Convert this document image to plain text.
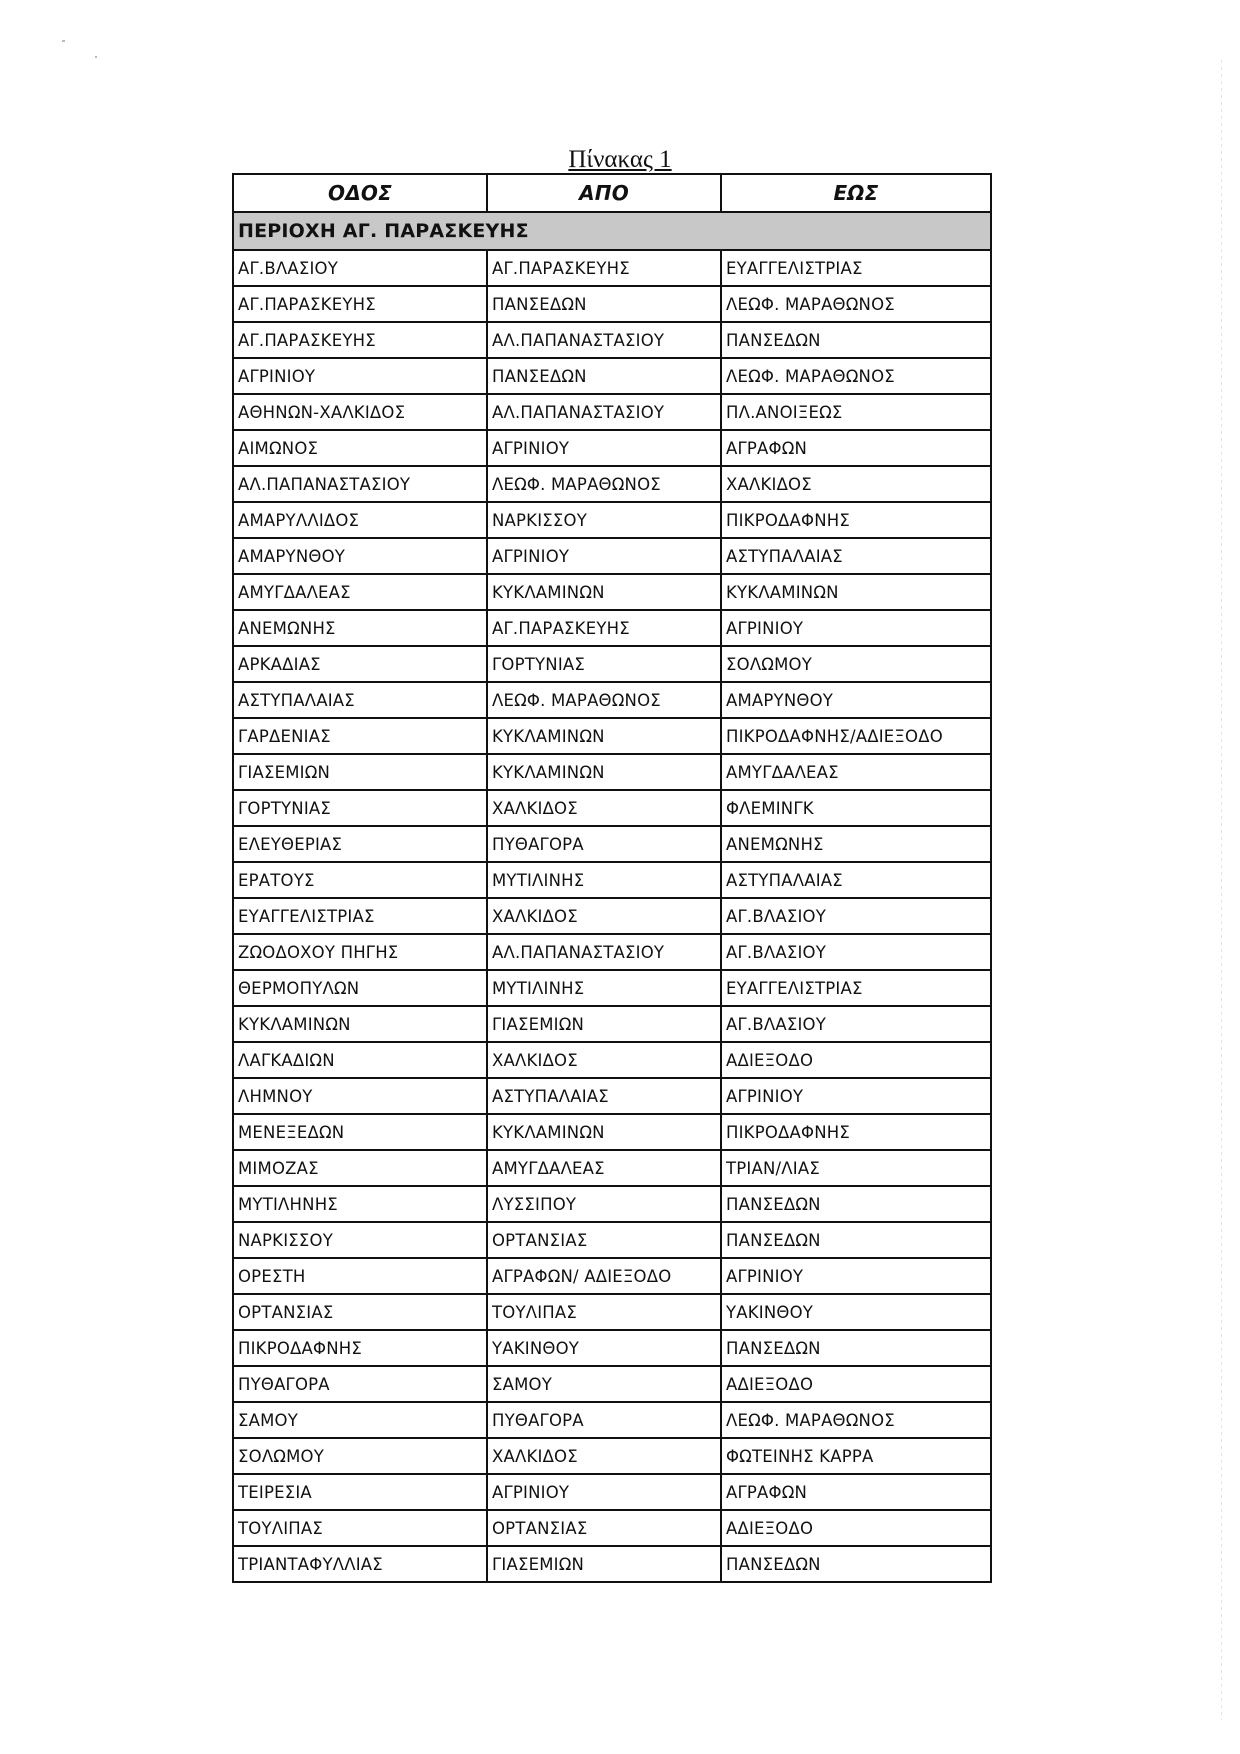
Πίνακας 1
ΟΔΟΣ	ΑΠΟ	ΕΩΣ
ΠΕΡΙΟΧΗ ΑΓ. ΠΑΡΑΣΚΕΥΗΣ		
ΑΓ.ΒΛΑΣΙΟΥ	ΑΓ.ΠΑΡΑΣΚΕΥΗΣ	ΕΥΑΓΓΕΛΙΣΤΡΙΑΣ
ΑΓ.ΠΑΡΑΣΚΕΥΗΣ	ΠΑΝΣΕΔΩΝ	ΛΕΩΦ. ΜΑΡΑΘΩΝΟΣ
ΑΓ.ΠΑΡΑΣΚΕΥΗΣ	ΑΛ.ΠΑΠΑΝΑΣΤΑΣΙΟΥ	ΠΑΝΣΕΔΩΝ
ΑΓΡΙΝΙΟΥ	ΠΑΝΣΕΔΩΝ	ΛΕΩΦ. ΜΑΡΑΘΩΝΟΣ
ΑΘΗΝΩΝ-ΧΑΛΚΙΔΟΣ	ΑΛ.ΠΑΠΑΝΑΣΤΑΣΙΟΥ	ΠΛ.ΑΝΟΙΞΕΩΣ
ΑΙΜΩΝΟΣ	ΑΓΡΙΝΙΟΥ	ΑΓΡΑΦΩΝ
ΑΛ.ΠΑΠΑΝΑΣΤΑΣΙΟΥ	ΛΕΩΦ. ΜΑΡΑΘΩΝΟΣ	ΧΑΛΚΙΔΟΣ
ΑΜΑΡΥΛΛΙΔΟΣ	ΝΑΡΚΙΣΣΟΥ	ΠΙΚΡΟΔΑΦΝΗΣ
ΑΜΑΡΥΝΘΟΥ	ΑΓΡΙΝΙΟΥ	ΑΣΤΥΠΑΛΑΙΑΣ
ΑΜΥΓΔΑΛΕΑΣ	ΚΥΚΛΑΜΙΝΩΝ	ΚΥΚΛΑΜΙΝΩΝ
ΑΝΕΜΩΝΗΣ	ΑΓ.ΠΑΡΑΣΚΕΥΗΣ	ΑΓΡΙΝΙΟΥ
ΑΡΚΑΔΙΑΣ	ΓΟΡΤΥΝΙΑΣ	ΣΟΛΩΜΟΥ
ΑΣΤΥΠΑΛΑΙΑΣ	ΛΕΩΦ. ΜΑΡΑΘΩΝΟΣ	ΑΜΑΡΥΝΘΟΥ
ΓΑΡΔΕΝΙΑΣ	ΚΥΚΛΑΜΙΝΩΝ	ΠΙΚΡΟΔΑΦΝΗΣ/ΑΔΙΕΞΟΔΟ
ΓΙΑΣΕΜΙΩΝ	ΚΥΚΛΑΜΙΝΩΝ	ΑΜΥΓΔΑΛΕΑΣ
ΓΟΡΤΥΝΙΑΣ	ΧΑΛΚΙΔΟΣ	ΦΛΕΜΙΝΓΚ
ΕΛΕΥΘΕΡΙΑΣ	ΠΥΘΑΓΟΡΑ	ΑΝΕΜΩΝΗΣ
ΕΡΑΤΟΥΣ	ΜΥΤΙΛΙΝΗΣ	ΑΣΤΥΠΑΛΑΙΑΣ
ΕΥΑΓΓΕΛΙΣΤΡΙΑΣ	ΧΑΛΚΙΔΟΣ	ΑΓ.ΒΛΑΣΙΟΥ
ΖΩΟΔΟΧΟΥ ΠΗΓΗΣ	ΑΛ.ΠΑΠΑΝΑΣΤΑΣΙΟΥ	ΑΓ.ΒΛΑΣΙΟΥ
ΘΕΡΜΟΠΥΛΩΝ	ΜΥΤΙΛΙΝΗΣ	ΕΥΑΓΓΕΛΙΣΤΡΙΑΣ
ΚΥΚΛΑΜΙΝΩΝ	ΓΙΑΣΕΜΙΩΝ	ΑΓ.ΒΛΑΣΙΟΥ
ΛΑΓΚΑΔΙΩΝ	ΧΑΛΚΙΔΟΣ	ΑΔΙΕΞΟΔΟ
ΛΗΜΝΟΥ	ΑΣΤΥΠΑΛΑΙΑΣ	ΑΓΡΙΝΙΟΥ
ΜΕΝΕΞΕΔΩΝ	ΚΥΚΛΑΜΙΝΩΝ	ΠΙΚΡΟΔΑΦΝΗΣ
ΜΙΜΟΖΑΣ	ΑΜΥΓΔΑΛΕΑΣ	ΤΡΙΑΝ/ΛΙΑΣ
ΜΥΤΙΛΗΝΗΣ	ΛΥΣΣΙΠΟΥ	ΠΑΝΣΕΔΩΝ
ΝΑΡΚΙΣΣΟΥ	ΟΡΤΑΝΣΙΑΣ	ΠΑΝΣΕΔΩΝ
ΟΡΕΣΤΗ	ΑΓΡΑΦΩΝ/ ΑΔΙΕΞΟΔΟ	ΑΓΡΙΝΙΟΥ
ΟΡΤΑΝΣΙΑΣ	ΤΟΥΛΙΠΑΣ	ΥΑΚΙΝΘΟΥ
ΠΙΚΡΟΔΑΦΝΗΣ	ΥΑΚΙΝΘΟΥ	ΠΑΝΣΕΔΩΝ
ΠΥΘΑΓΟΡΑ	ΣΑΜΟΥ	ΑΔΙΕΞΟΔΟ
ΣΑΜΟΥ	ΠΥΘΑΓΟΡΑ	ΛΕΩΦ. ΜΑΡΑΘΩΝΟΣ
ΣΟΛΩΜΟΥ	ΧΑΛΚΙΔΟΣ	ΦΩΤΕΙΝΗΣ ΚΑΡΡΑ
ΤΕΙΡΕΣΙΑ	ΑΓΡΙΝΙΟΥ	ΑΓΡΑΦΩΝ
ΤΟΥΛΙΠΑΣ	ΟΡΤΑΝΣΙΑΣ	ΑΔΙΕΞΟΔΟ
ΤΡΙΑΝΤΑΦΥΛΛΙΑΣ	ΓΙΑΣΕΜΙΩΝ	ΠΑΝΣΕΔΩΝ
